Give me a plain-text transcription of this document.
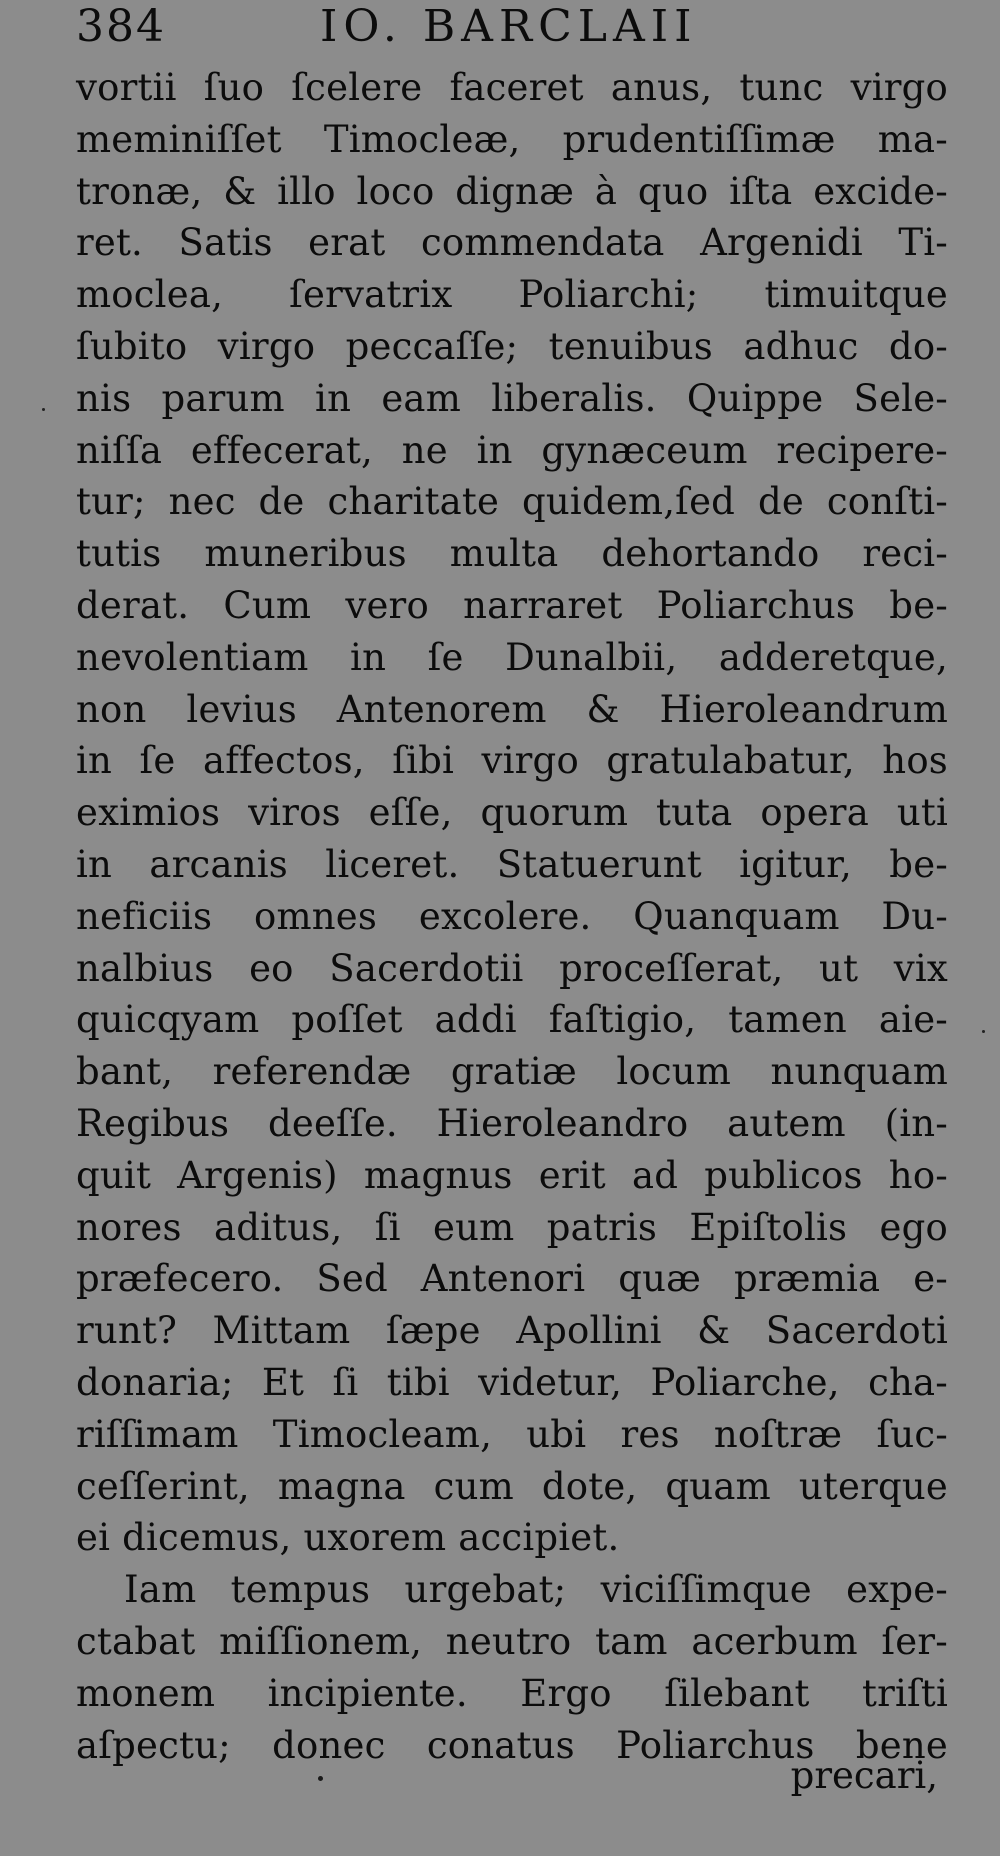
384	IO. BARCLAII
vortii ſuo ſcelere faceret anus, tunc virgo
meminiſſet Timocleæ, prudentiſſimæ ma-
tronæ, & illo loco dignæ à quo iſta excide-
ret. Satis erat commendata Argenidi Ti-
moclea, ſervatrix Poliarchi; timuitque
ſubito virgo peccaſſe; tenuibus adhuc do-
nis parum in eam liberalis. Quippe Sele-
niſſa effecerat, ne in gynæceum reciperе-
tur; nec de charitate quidem,ſed de conſti-
tutis muneribus multa dehortando reci-
derat. Cum vero narraret Poliarchus be-
nevolentiam in ſe Dunalbii, adderetque,
non levius Antenorem & Hieroleandrum
in ſe affectos, ſibi virgo gratulabatur, hos
eximios viros eſſe, quorum tuta opera uti
in arcanis liceret. Statuerunt igitur, be-
neficiis omnes excolere. Quanquam Du-
nalbius eo Sacerdotii proceſſerat, ut vix
quicqyam poſſet addi faſtigio, tamen aie-
bant, referendæ gratiæ locum nunquam
Regibus deeſſe. Hieroleandro autem (in-
quit Argenis) magnus erit ad publicos ho-
nores aditus, ſi eum patris Epiſtolis ego
præfecero. Sed Antenori quæ præmia e-
runt? Mittam ſæpe Apollini & Sacerdoti
donaria; Et ſi tibi videtur, Poliarche, cha-
riſſimam Timocleam, ubi res noſtræ ſuc-
ceſſerint, magna cum dote, quam uterque
ei dicemus, uxorem accipiet.
Iam tempus urgebat; viciſſimque expe-
ctabat miſſionem, neutro tam acerbum ſer-
monem incipiente. Ergo ſilebant triſti
aſpectu; donec conatus Poliarchus bene
precari,
